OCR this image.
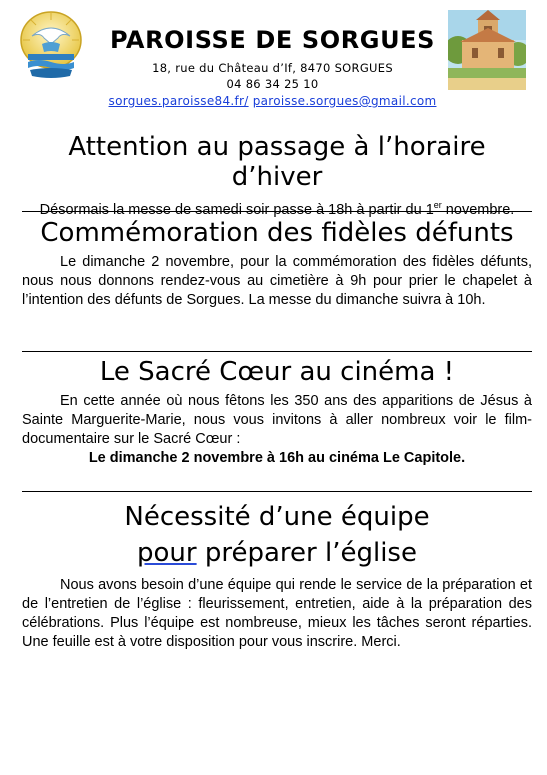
PAROISSE DE SORGUES
18, rue du Château d’If, 8470 SORGUES
04 86 34 25 10
sorgues.paroisse84.fr/ paroisse.sorgues@gmail.com
Attention au passage à l’horaire d’hiver
Désormais la messe de samedi soir passe à 18h à partir du 1er novembre.
Commémoration des fidèles défunts
Le dimanche 2 novembre, pour la commémoration des fidèles défunts, nous nous donnons rendez-vous au cimetière à 9h pour prier le chapelet à l’intention des défunts de Sorgues. La messe du dimanche suivra à 10h.
Le Sacré Cœur au cinéma !
En cette année où nous fêtons les 350 ans des apparitions de Jésus à Sainte Marguerite-Marie, nous vous invitons à aller nombreux voir le film-documentaire sur le Sacré Cœur :
Le dimanche 2 novembre à 16h au cinéma Le Capitole.
Nécessité d’une équipe
pour préparer l’église
Nous avons besoin d’une équipe qui rende le service de la préparation et de l’entretien de l’église : fleurissement, entretien, aide à la préparation des célébrations. Plus l’équipe est nombreuse, mieux les tâches seront réparties. Une feuille est à votre disposition pour vous inscrire. Merci.
